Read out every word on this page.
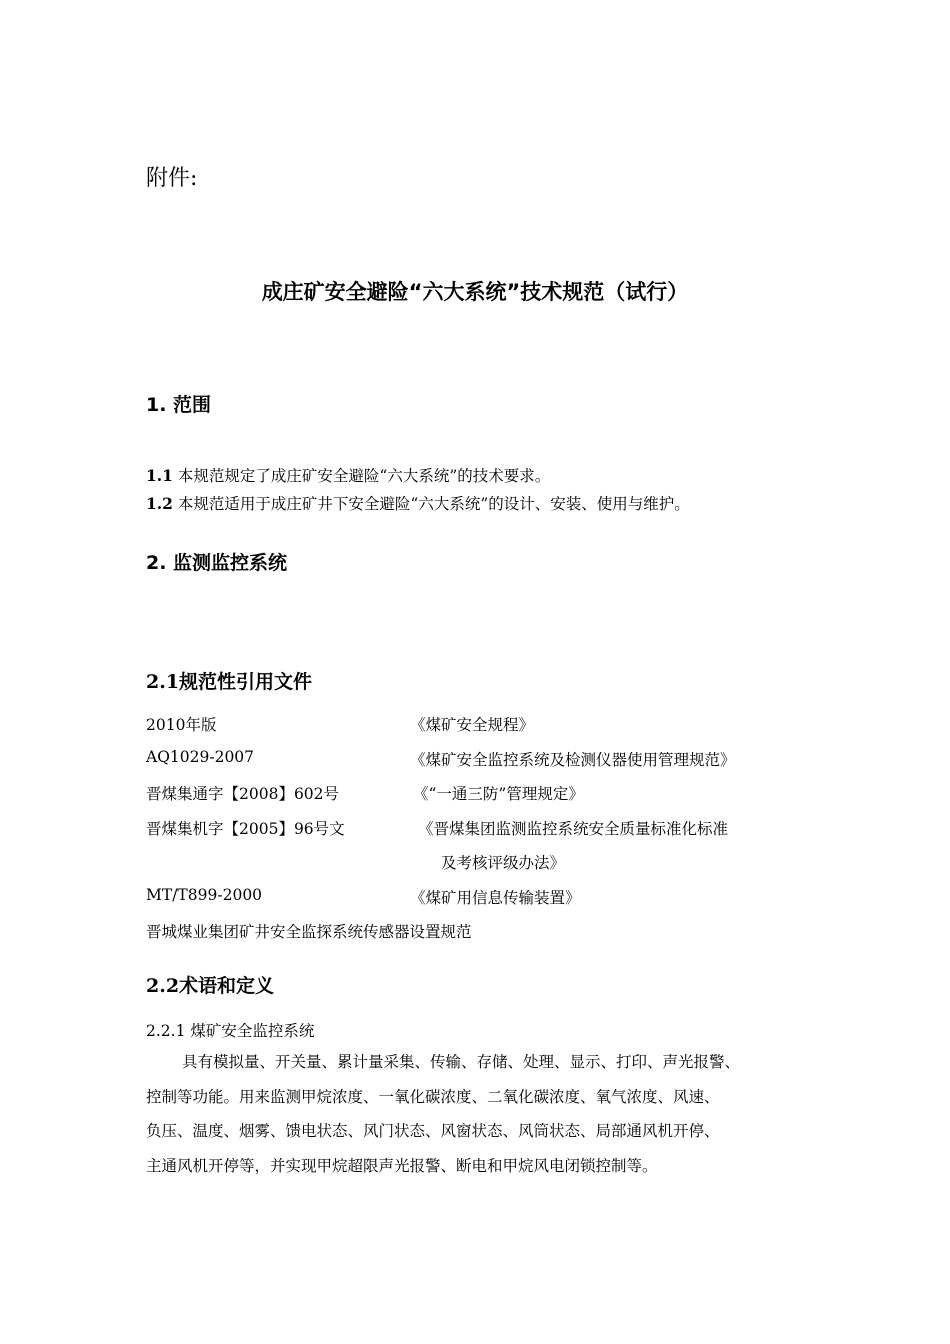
附件:
成庄矿安全避险“六大系统”技术规范（试行）
1. 范围
1.1 本规范规定了成庄矿安全避险“六大系统”的技术要求。
1.2 本规范适用于成庄矿井下安全避险“六大系统”的设计、安装、使用与维护。
2. 监测监控系统
2.1规范性引用文件
2010年版	《煤矿安全规程》
AQ1029-2007	《煤矿安全监控系统及检测仪器使用管理规范》
晋煤集通字【2008】602号	《“一通三防”管理规定》
晋煤集机字【2005】96号文	《晋煤集团监测监控系统安全质量标准化标准
及考核评级办法》
MT/T899-2000	《煤矿用信息传输装置》
晋城煤业集团矿井安全监探系统传感器设置规范
2.2术语和定义
2.2.1 煤矿安全监控系统
具有模拟量、开关量、累计量采集、传输、存储、处理、显示、打印、声光报警、
控制等功能。用来监测甲烷浓度、一氧化碳浓度、二氧化碳浓度、氧气浓度、风速、
负压、温度、烟雾、馈电状态、风门状态、风窗状态、风筒状态、局部通风机开停、
主通风机开停等，并实现甲烷超限声光报警、断电和甲烷风电闭锁控制等。
